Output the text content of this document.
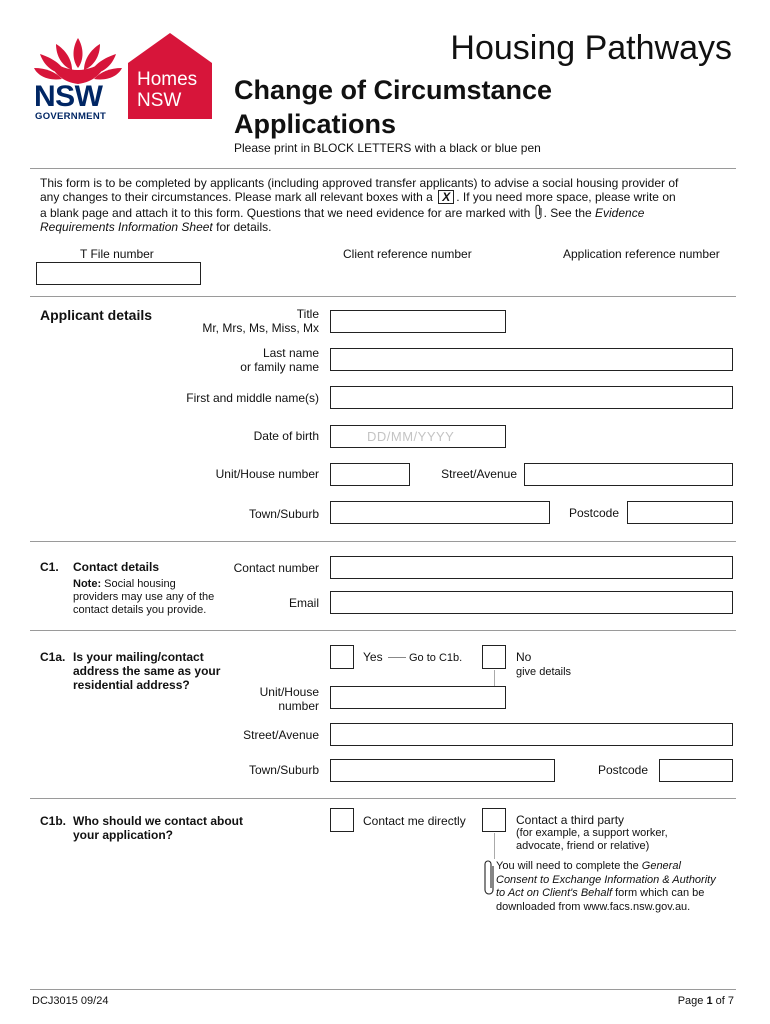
NSW
GOVERNMENT
Homes
NSW
Housing Pathways
Change of Circumstance
Applications
Please print in BLOCK LETTERS with a black or blue pen
This form is to be completed by applicants (including approved transfer applicants) to advise a social housing provider of
any changes to their circumstances. Please mark all relevant boxes with a X . If you need more space, please write on
a blank page and attach it to this form. Questions that we need evidence for are marked with . See the Evidence
Requirements Information Sheet for details.
T File number	Client reference number	Application reference number
Applicant details	Title
Mr, Mrs, Ms, Miss, Mx
Last name
or family name
First and middle name(s)
Date of birth	DD/MM/YYYY
Unit/House number	Street/Avenue
Town/Suburb	Postcode
C1. Contact details
Note: Social housing
providers may use any of the
contact details you provide.
Contact number
Email
C1a. Is your mailing/contact
address the same as your
residential address?
Yes Go to C1b.	No
give details
Unit/House
number
Street/Avenue
Town/Suburb	Postcode
C1b. Who should we contact about
your application?
Contact me directly	Contact a third party
(for example, a support worker,
advocate, friend or relative)
You will need to complete the General
Consent to Exchange Information & Authority
to Act on Client's Behalf form which can be
downloaded from www.facs.nsw.gov.au.
DCJ3015 09/24	Page 1 of 7
